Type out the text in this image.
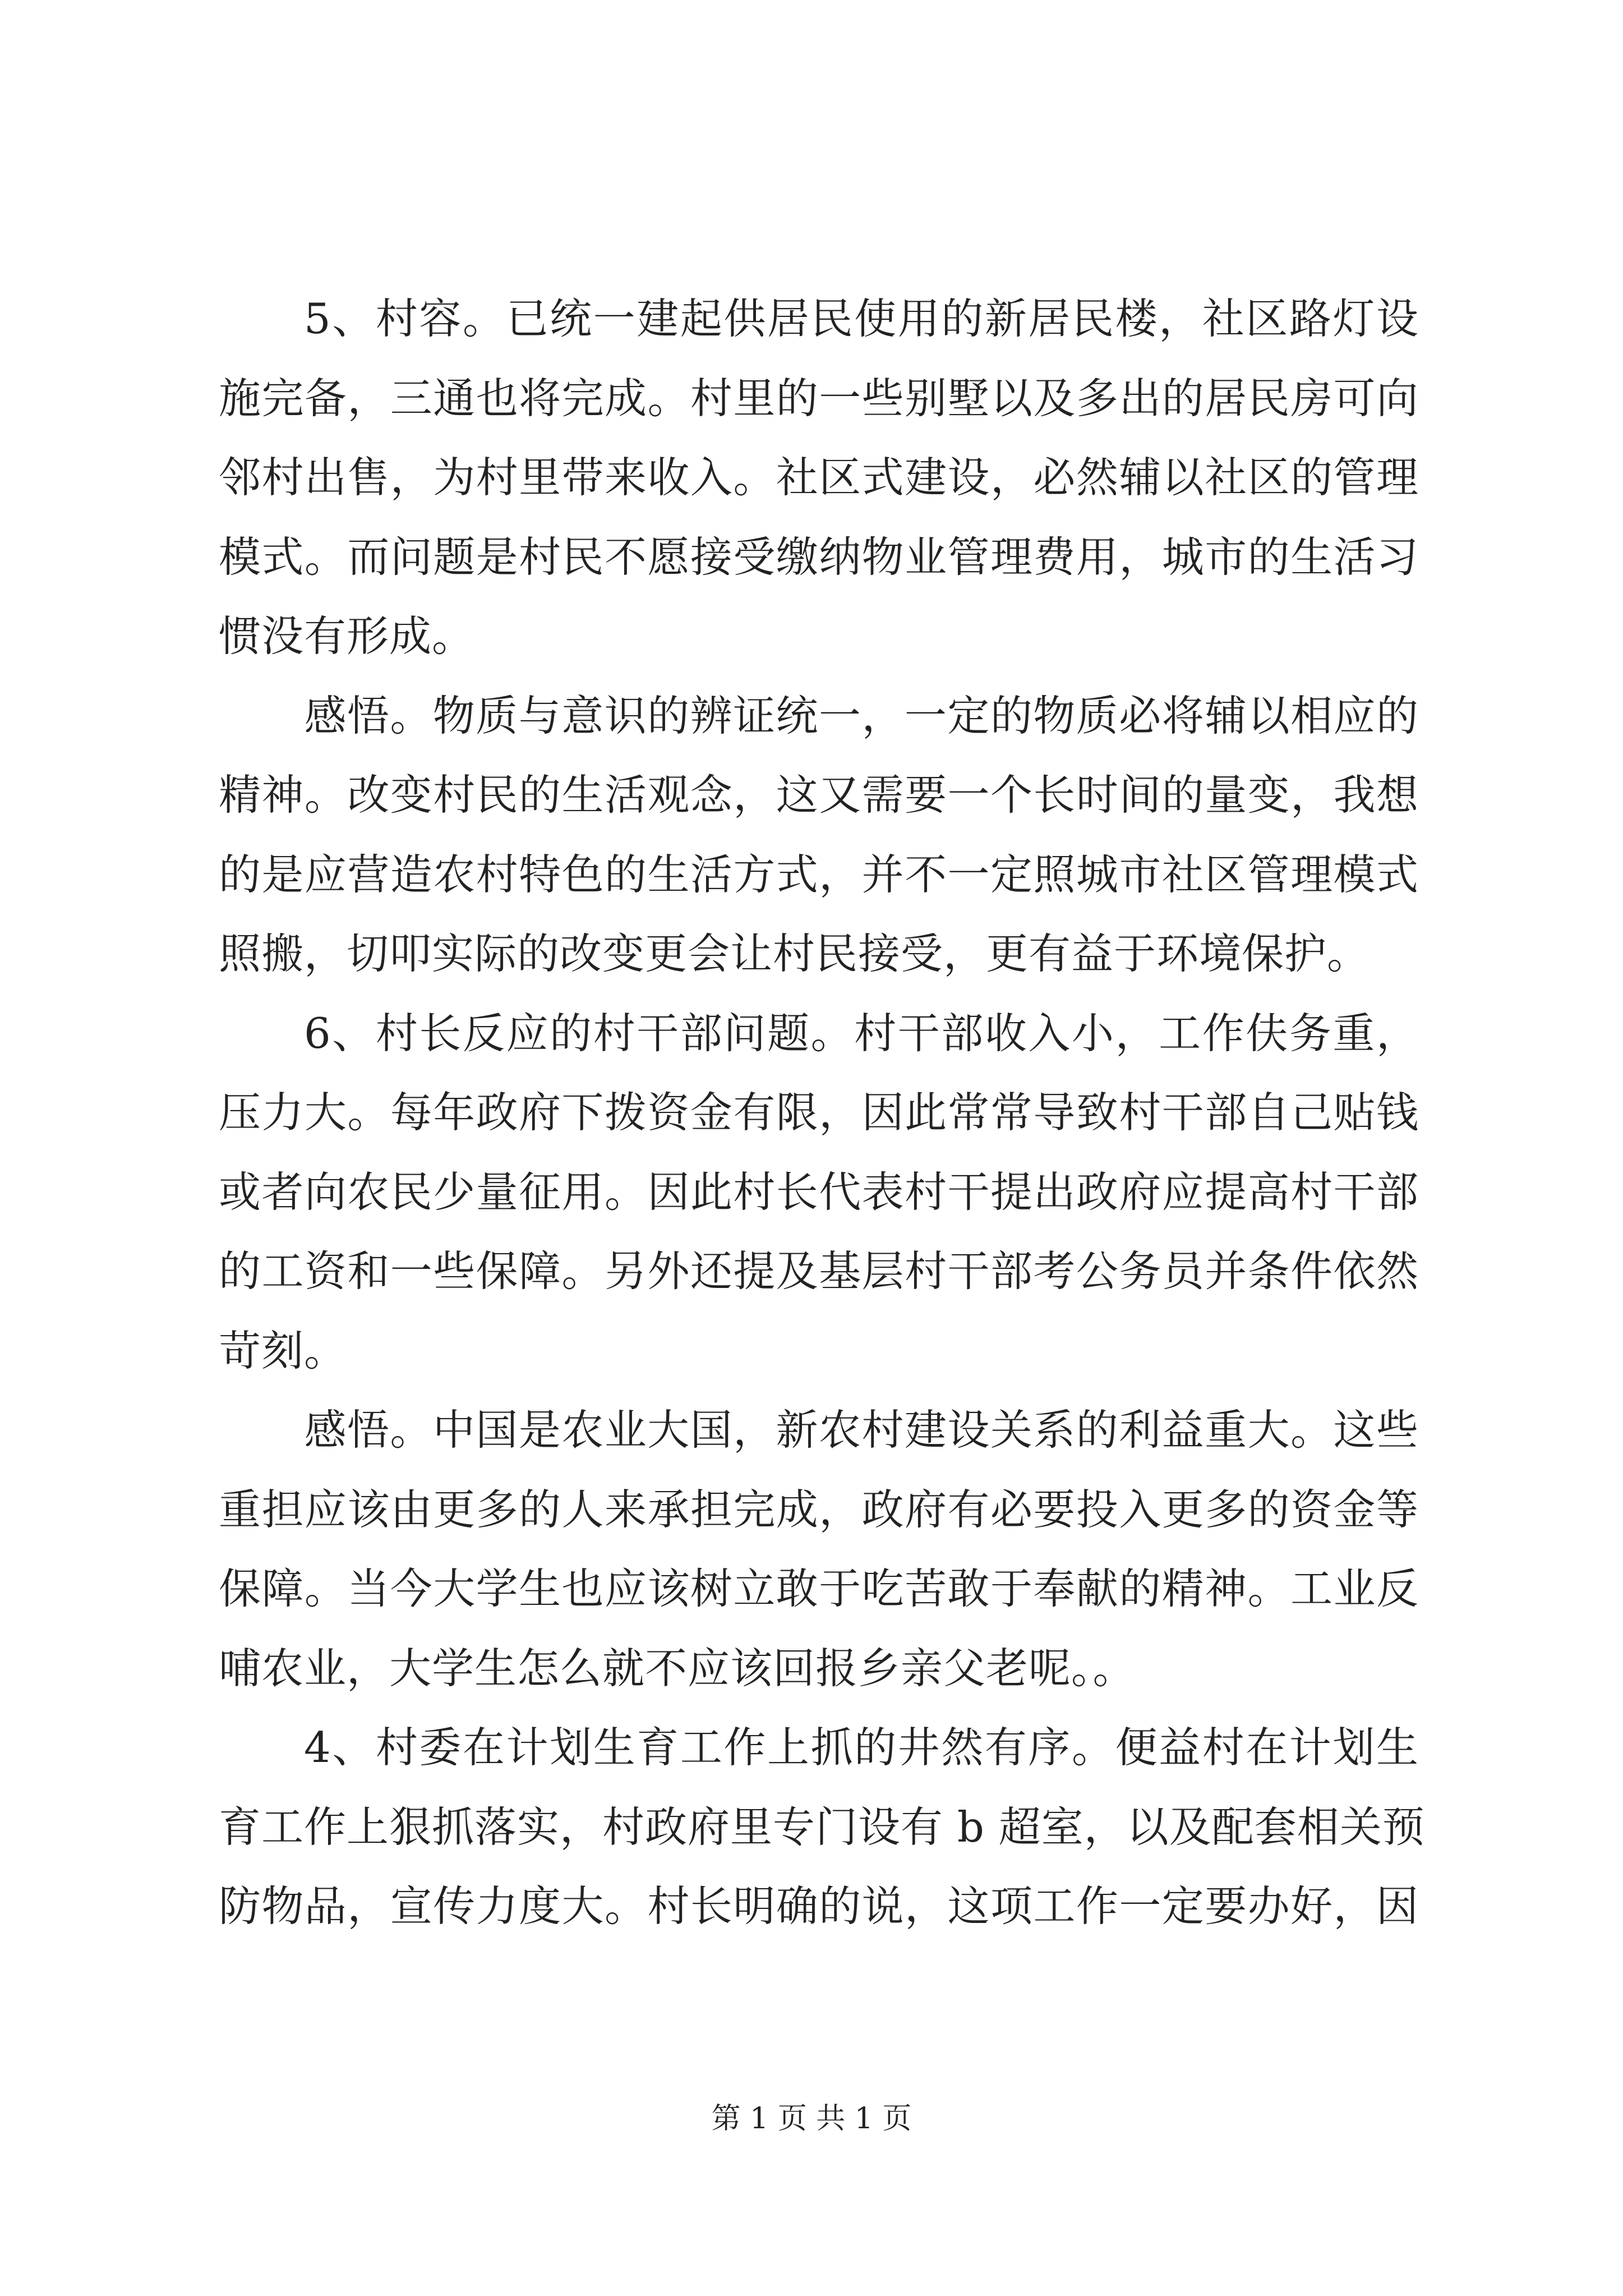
5、村容。已统一建起供居民使用的新居民楼，社区路灯设
施完备，三通也将完成。村里的一些别墅以及多出的居民房可向
邻村出售，为村里带来收入。社区式建设，必然辅以社区的管理
模式。而问题是村民不愿接受缴纳物业管理费用，城市的生活习
惯没有形成。
感悟。物质与意识的辨证统一，一定的物质必将辅以相应的
精神。改变村民的生活观念，这又需要一个长时间的量变，我想
的是应营造农村特色的生活方式，并不一定照城市社区管理模式
照搬，切叩实际的改变更会让村民接受，更有益于环境保护。
6、村长反应的村干部问题。村干部收入小，工作伕务重，
压力大。每年政府下拨资金有限，因此常常导致村干部自己贴钱
或者向农民少量征用。因此村长代表村干提出政府应提高村干部
的工资和一些保障。另外还提及基层村干部考公务员并条件依然
苛刻。
感悟。中国是农业大国，新农村建设关系的利益重大。这些
重担应该由更多的人来承担完成，政府有必要投入更多的资金等
保障。当今大学生也应该树立敢于吃苦敢于奉献的精神。工业反
哺农业，大学生怎么就不应该回报乡亲父老呢。。
4、村委在计划生育工作上抓的井然有序。便益村在计划生
育工作上狠抓落实，村政府里专门设有 b 超室，以及配套相关预
防物品，宣传力度大。村长明确的说，这项工作一定要办好，因
第 1 页 共 1 页
